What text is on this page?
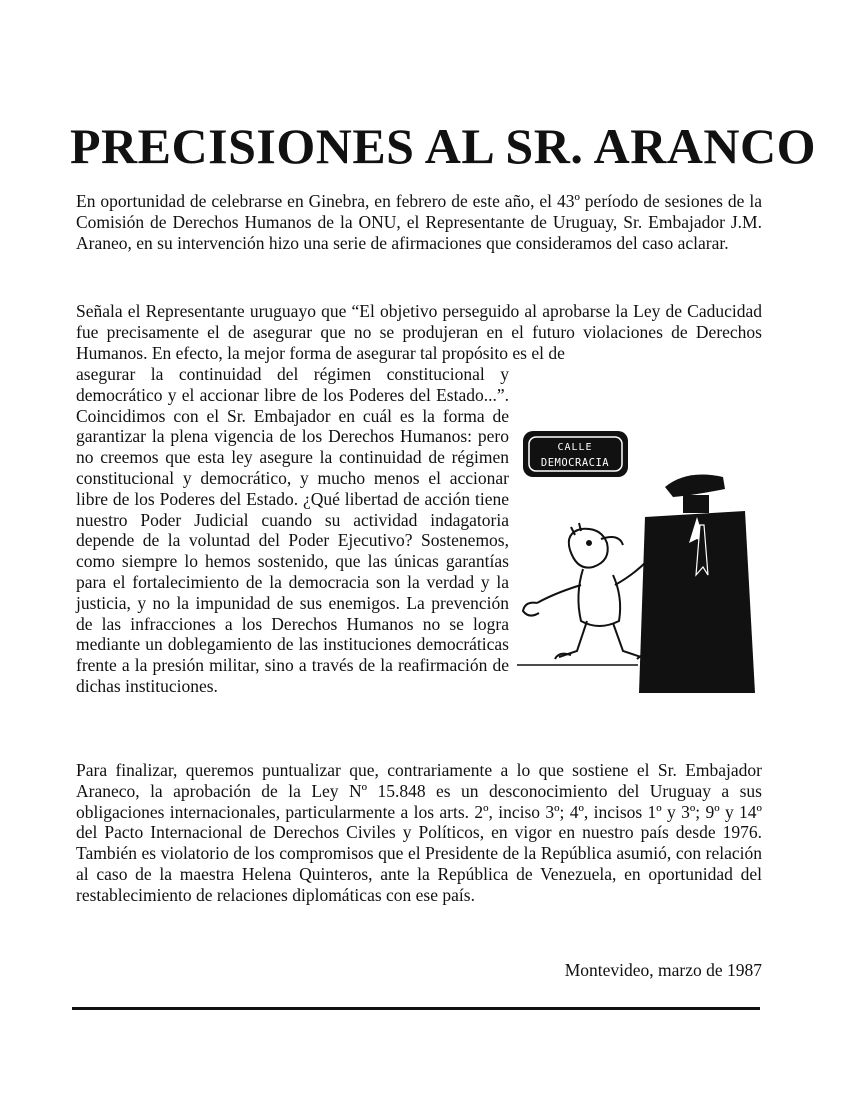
PRECISIONES AL SR. ARANCO

En oportunidad de celebrarse en Ginebra, en febrero de este año, el 43º período de sesiones de la Comisión de Derechos Humanos de la ONU, el Representante de Uruguay, Sr. Embajador J.M. Araneo, en su intervención hizo una serie de afirmaciones que consideramos del caso aclarar.

Señala el Representante uruguayo que “El objetivo perseguido al aprobarse la Ley de Caducidad fue precisamente el de asegurar que no se produjeran en el futuro violaciones de Derechos Humanos. En efecto, la mejor forma de asegurar tal propósito es el de

asegurar la continuidad del régimen constitucional y democrático y el accionar libre de los Poderes del Estado...”. Coincidimos con el Sr. Embajador en cuál es la forma de garantizar la plena vigencia de los Derechos Humanos: pero no creemos que esta ley asegure la continuidad de régimen constitucional y democrático, y mucho menos el accionar libre de los Poderes del Estado. ¿Qué libertad de acción tiene nuestro Poder Judicial cuando su actividad indagatoria depende de la voluntad del Poder Ejecutivo? Sostenemos, como siempre lo hemos sostenido, que las únicas garantías para el fortalecimiento de la democracia son la verdad y la justicia, y no la impunidad de sus enemigos. La prevención de las infracciones a los Derechos Humanos no se logra mediante un doblegamiento de las instituciones democráticas frente a la presión militar, sino a través de la reafirmación de dichas instituciones.

CALLE
DEMOCRACIA

Para finalizar, queremos puntualizar que, contrariamente a lo que sostiene el Sr. Embajador Araneco, la aprobación de la Ley Nº 15.848 es un desconocimiento del Uruguay a sus obligaciones internacionales, particularmente a los arts. 2º, inciso 3º; 4º, incisos 1º y 3º; 9º y 14º del Pacto Internacional de Derechos Civiles y Políticos, en vigor en nuestro país desde 1976. También es violatorio de los compromisos que el Presidente de la República asumió, con relación al caso de la maestra Helena Quinteros, ante la República de Venezuela, en oportunidad del restablecimiento de relaciones diplomáticas con ese país.

Montevideo, marzo de 1987
